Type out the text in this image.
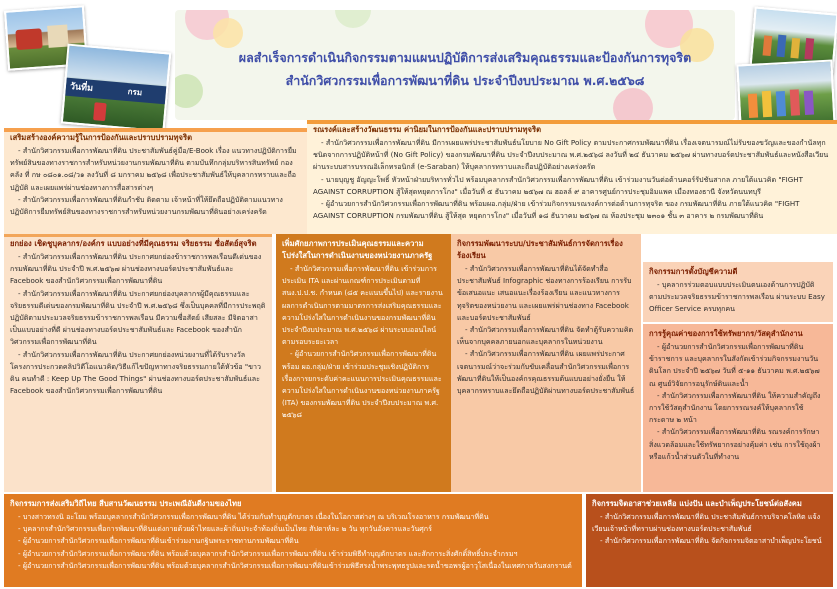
ผลสำเร็จการดำเนินกิจกรรมตามแผนปฏิบัติการส่งเสริมคุณธรรมและป้องกันการทุจริต
สำนักวิศวกรรมเพื่อการพัฒนาที่ดิน ประจำปีงบประมาณ พ.ศ.๒๕๖๘
วันที่ม	กรม
เสริมสร้างองค์ความรู้ในการป้องกันและปราบปรามทุจริต

- สำนักวิศวกรรมเพื่อการพัฒนาที่ดิน ประชาสัมพันธ์คู่มือ/E-Book เรื่อง แนวทางปฏิบัติการยืมทรัพย์สินของทางราชการสำหรับหน่วยงานกรมพัฒนาที่ดิน ตามบันทึกกลุ่มบริหารสินทรัพย์ กองคลัง ที่ กษ ๐๘๐๑.๐๘/ว๑ ลงวันที่ ๘ มกราคม ๒๕๖๘ เพื่อประชาสัมพันธ์ให้บุคลากรทราบและถือปฏิบัติ และเผยแพร่ผ่านช่องทางการสื่อสารต่างๆ

- สำนักวิศวกรรมเพื่อการพัฒนาที่ดินกำชับ ติดตาม เจ้าหน้าที่ให้ยึดถือปฏิบัติตามแนวทางปฏิบัติการยืมทรัพย์สินของทางราชการสำหรับหน่วยงานกรมพัฒนาที่ดินอย่างเคร่งครัด

รณรงค์และสร้างวัฒนธรรม ค่านิยมในการป้องกันและปราบปรามทุจริต

- สำนักวิศวกรรมเพื่อการพัฒนาที่ดิน มีการเผยแพร่ประชาสัมพันธ์นโยบาย No Gift Policy ตามประกาศกรมพัฒนาที่ดิน เรื่องเจตนารมณ์ไม่รับของขวัญและของกำนัลทุกชนิดจากการปฏิบัติหน้าที่ (No Gift Policy) ของกรมพัฒนาที่ดิน ประจำปีงบประมาณ พ.ศ.๒๕๖๘ ลงวันที่ ๒๔ ธันวาคม ๒๕๖๗ ผ่านทางบอร์ดประชาสัมพันธ์และหนังสือเวียนผ่านระบบสารบรรณอิเล็กทรอนิกส์ (e-Saraban) ให้บุคลากรทราบและถือปฏิบัติอย่างเคร่งครัด

- นายบุญชู อัญญะโพธิ์ หัวหน้าฝ่ายบริหารทั่วไป พร้อมบุคลากรสำนักวิศวกรรมเพื่อการพัฒนาที่ดิน เข้าร่วมงานวันต่อต้านคอร์รัปชันสากล ภายใต้แนวคิด "FIGHT AGAINST CORRUPTION สู้ให้สุดหยุดการโกง" เมื่อวันที่ ๕ ธันวาคม ๒๕๖๗ ณ ฮอลล์ ๙ อาคารศูนย์การประชุมอิมแพค เมืองทองธานี จังหวัดนนทบุรี

- ผู้อำนวยการสำนักวิศวกรรมเพื่อการพัฒนาที่ดิน พร้อมผอ.กลุ่ม/ฝ่าย เข้าร่วมกิจกรรมรณรงค์การต่อต้านการทุจริต ของ กรมพัฒนาที่ดิน ภายใต้แนวคิด "FIGHT AGAINST CORRUPTION กรมพัฒนาที่ดิน สู้ให้สุด หยุดการโกง" เมื่อวันที่ ๑๘ ธันวาคม ๒๕๖๗ ณ ห้องประชุม ๒๓๐๑ ชั้น ๓ อาคาร ๒ กรมพัฒนาที่ดิน

ยกย่อง เชิดชูบุคลากร/องค์กร แบบอย่างที่มีคุณธรรม จริยธรรม ซื่อสัตย์สุจริต

- สำนักวิศวกรรมเพื่อการพัฒนาที่ดิน ประกาศยกย่องข้าราชการพลเรือนดีเด่นของกรมพัฒนาที่ดิน ประจำปี พ.ศ.๒๕๖๗ ผ่านช่องทางบอร์ดประชาสัมพันธ์และ Facebook ของสำนักวิศวกรรมเพื่อการพัฒนาที่ดิน

- สำนักวิศวกรรมเพื่อการพัฒนาที่ดิน ประกาศยกย่องบุคลากรผู้มีคุณธรรมและจริยธรรมดีเด่นของกรมพัฒนาที่ดิน ประจำปี พ.ศ.๒๕๖๘ ซึ่งเป็นบุคคลที่มีการประพฤติปฏิบัติตามประมวลจริยธรรมข้าราชการพลเรือน มีความซื่อสัตย์ เสียสละ มีจิตอาสา เป็นแบบอย่างที่ดี ผ่านช่องทางบอร์ดประชาสัมพันธ์และ Facebook ของสำนักวิศวกรรมเพื่อการพัฒนาที่ดิน

- สำนักวิศวกรรมเพื่อการพัฒนาที่ดิน ประกาศยกย่องหน่วยงานที่ได้รับรางวัลโครงการประกวดคลิปวิดีโอแนวคิด/วิธีแก้ไขปัญหาทางจริยธรรมภายใต้หัวข้อ "ขาวดิน คนทำดี : Keep Up The Good Things" ผ่านช่องทางบอร์ดประชาสัมพันธ์และ Facebook ของสำนักวิศวกรรมเพื่อการพัฒนาที่ดิน

เพิ่มศักยภาพการประเมินคุณธรรมและความโปร่งใสในการดำเนินงานของหน่วยงานภาครัฐ

- สำนักวิศวกรรมเพื่อการพัฒนาที่ดิน เข้าร่วมการประเมิน ITA และผ่านเกณฑ์การประเมินตามที่ สนง.ป.ป.ช. กำหนด (๘๕ คะแนนขึ้นไป) และรายงานผลการดำเนินการตามมาตรการส่งเสริมคุณธรรมและความโปร่งใสในการดำเนินงานของกรมพัฒนาที่ดิน ประจำปีงบประมาณ พ.ศ.๒๕๖๘ ผ่านระบบออนไลน์ ตามรอบระยะเวลา

- ผู้อำนวยการสำนักวิศวกรรมเพื่อการพัฒนาที่ดิน พร้อม ผอ.กลุ่ม/ฝ่าย เข้าร่วมประชุมเชิงปฏิบัติการ เรื่องการยกระดับค่าคะแนนการประเมินคุณธรรมและความโปร่งใสในการดำเนินงานของหน่วยงานภาครัฐ (ITA) ของกรมพัฒนาที่ดิน ประจำปีงบประมาณ พ.ศ. ๒๕๖๘

กิจกรรมพัฒนาระบบ/ประชาสัมพันธ์การจัดการเรื่องร้องเรียน

- สำนักวิศวกรรมเพื่อการพัฒนาที่ดินได้จัดทำสื่อประชาสัมพันธ์ Infographic ช่องทางการร้องเรียน การรับข้อเสนอแนะ เสนอแนะเรื่องร้องเรียน และแนวทางการทุจริตของหน่วยงาน และเผยแพร่ผ่านช่องทาง Facebook และบอร์ดประชาสัมพันธ์

- สำนักวิศวกรรมเพื่อการพัฒนาที่ดิน จัดทำตู้รับความคิดเห็นจากบุคคลภายนอกและบุคลากรในหน่วยงาน

- สำนักวิศวกรรมเพื่อการพัฒนาที่ดิน เผยแพร่ประกาศเจตนารมณ์ว่าจะร่วมกับขับเคลื่อนสำนักวิศวกรรมเพื่อการพัฒนาที่ดินให้เป็นองค์กรคุณธรรมต้นแบบอย่างยั่งยืน ให้บุคลากรทราบและยึดถือปฏิบัติผ่านทางบอร์ดประชาสัมพันธ์

กิจกรรมการตั้งบัญชีความดี

- บุคลากรร่วมตอบแบบประเมินตนเองด้านการปฏิบัติตามประมวลจริยธรรมข้าราชการพลเรือน ผ่านระบบ Easy Officer Service ครบทุกคน

การรู้คุณค่าของการใช้ทรัพยากร/วัสดุสำนักงาน

- ผู้อำนวยการสำนักวิศวกรรมเพื่อการพัฒนาที่ดิน ข้าราชการ และบุคลากรในสังกัดเข้าร่วมกิจกรรมงานวันดินโลก ประจำปี ๒๕๖๗ วันที่ ๕-๑๑ ธันวาคม พ.ศ.๒๕๖๗ ณ ศูนย์วิจัยการอนุรักษ์ดินและน้ำ

- สำนักวิศวกรรมเพื่อการพัฒนาที่ดิน ให้ความสำคัญถึงการใช้วัสดุสำนักงาน โดยการรณรงค์ให้บุคลากรใช้กระดาษ ๒ หน้า

- สำนักวิศวกรรมเพื่อการพัฒนาที่ดิน รณรงค์การรักษาสิ่งแวดล้อมและใช้ทรัพยากรอย่างคุ้มค่า เช่น การใช้ถุงผ้าหรือแก้วน้ำส่วนตัวในที่ทำงาน

กิจกรรมการส่งเสริมวิถีไทย สืบสานวัฒนธรรม ประเพณีอันดีงามของไทย

- บางสาวทรงนิ อะโยม พร้อมบุคลากรสำนักวิศวกรรมเพื่อการพัฒนาที่ดิน ได้ร่วมกันทำบุญตักบาตร เนื่องในโอกาสต่างๆ ณ บริเวณโรงอาหาร กรมพัฒนาที่ดิน

- บุคลากรสำนักวิศวกรรมเพื่อการพัฒนาที่ดินแต่งกายด้วยผ้าไทยและผ้าถิ่นประจำท้องถิ่นเป็นไทย สัปดาห์ละ ๒ วัน ทุกวันอังคารและวันศุกร์

- ผู้อำนวยการสำนักวิศวกรรมเพื่อการพัฒนาที่ดินเข้าร่วมงานกฐินพระราชทานกรมพัฒนาที่ดิน

- ผู้อำนวยการสำนักวิศวกรรมเพื่อการพัฒนาที่ดิน พร้อมด้วยบุคลากรสำนักวิศวกรรมเพื่อการพัฒนาที่ดิน เข้าร่วมพิธีทำบุญตักบาตร และสักการะสิ่งศักดิ์สิทธิ์ประจำกรมฯ

- ผู้อำนวยการสำนักวิศวกรรมเพื่อการพัฒนาที่ดิน พร้อมด้วยบุคลากรสำนักวิศวกรรมเพื่อการพัฒนาที่ดินเข้าร่วมพิธีสรงน้ำพระพุทธรูปและรดน้ำขอพรผู้อาวุโสเนื่องในเทศกาลวันสงกรานต์

กิจกรรมจิตอาสาช่วยเหลือ แบ่งปัน และบำเพ็ญประโยชน์ต่อสังคม

- สำนักวิศวกรรมเพื่อการพัฒนาที่ดิน ประชาสัมพันธ์การบริจาคโลหิต แจ้งเวียนเจ้าหน้าที่ทราบผ่านช่องทางบอร์ดประชาสัมพันธ์

- สำนักวิศวกรรมเพื่อการพัฒนาที่ดิน จัดกิจกรรมจิตอาสาบำเพ็ญประโยชน์
